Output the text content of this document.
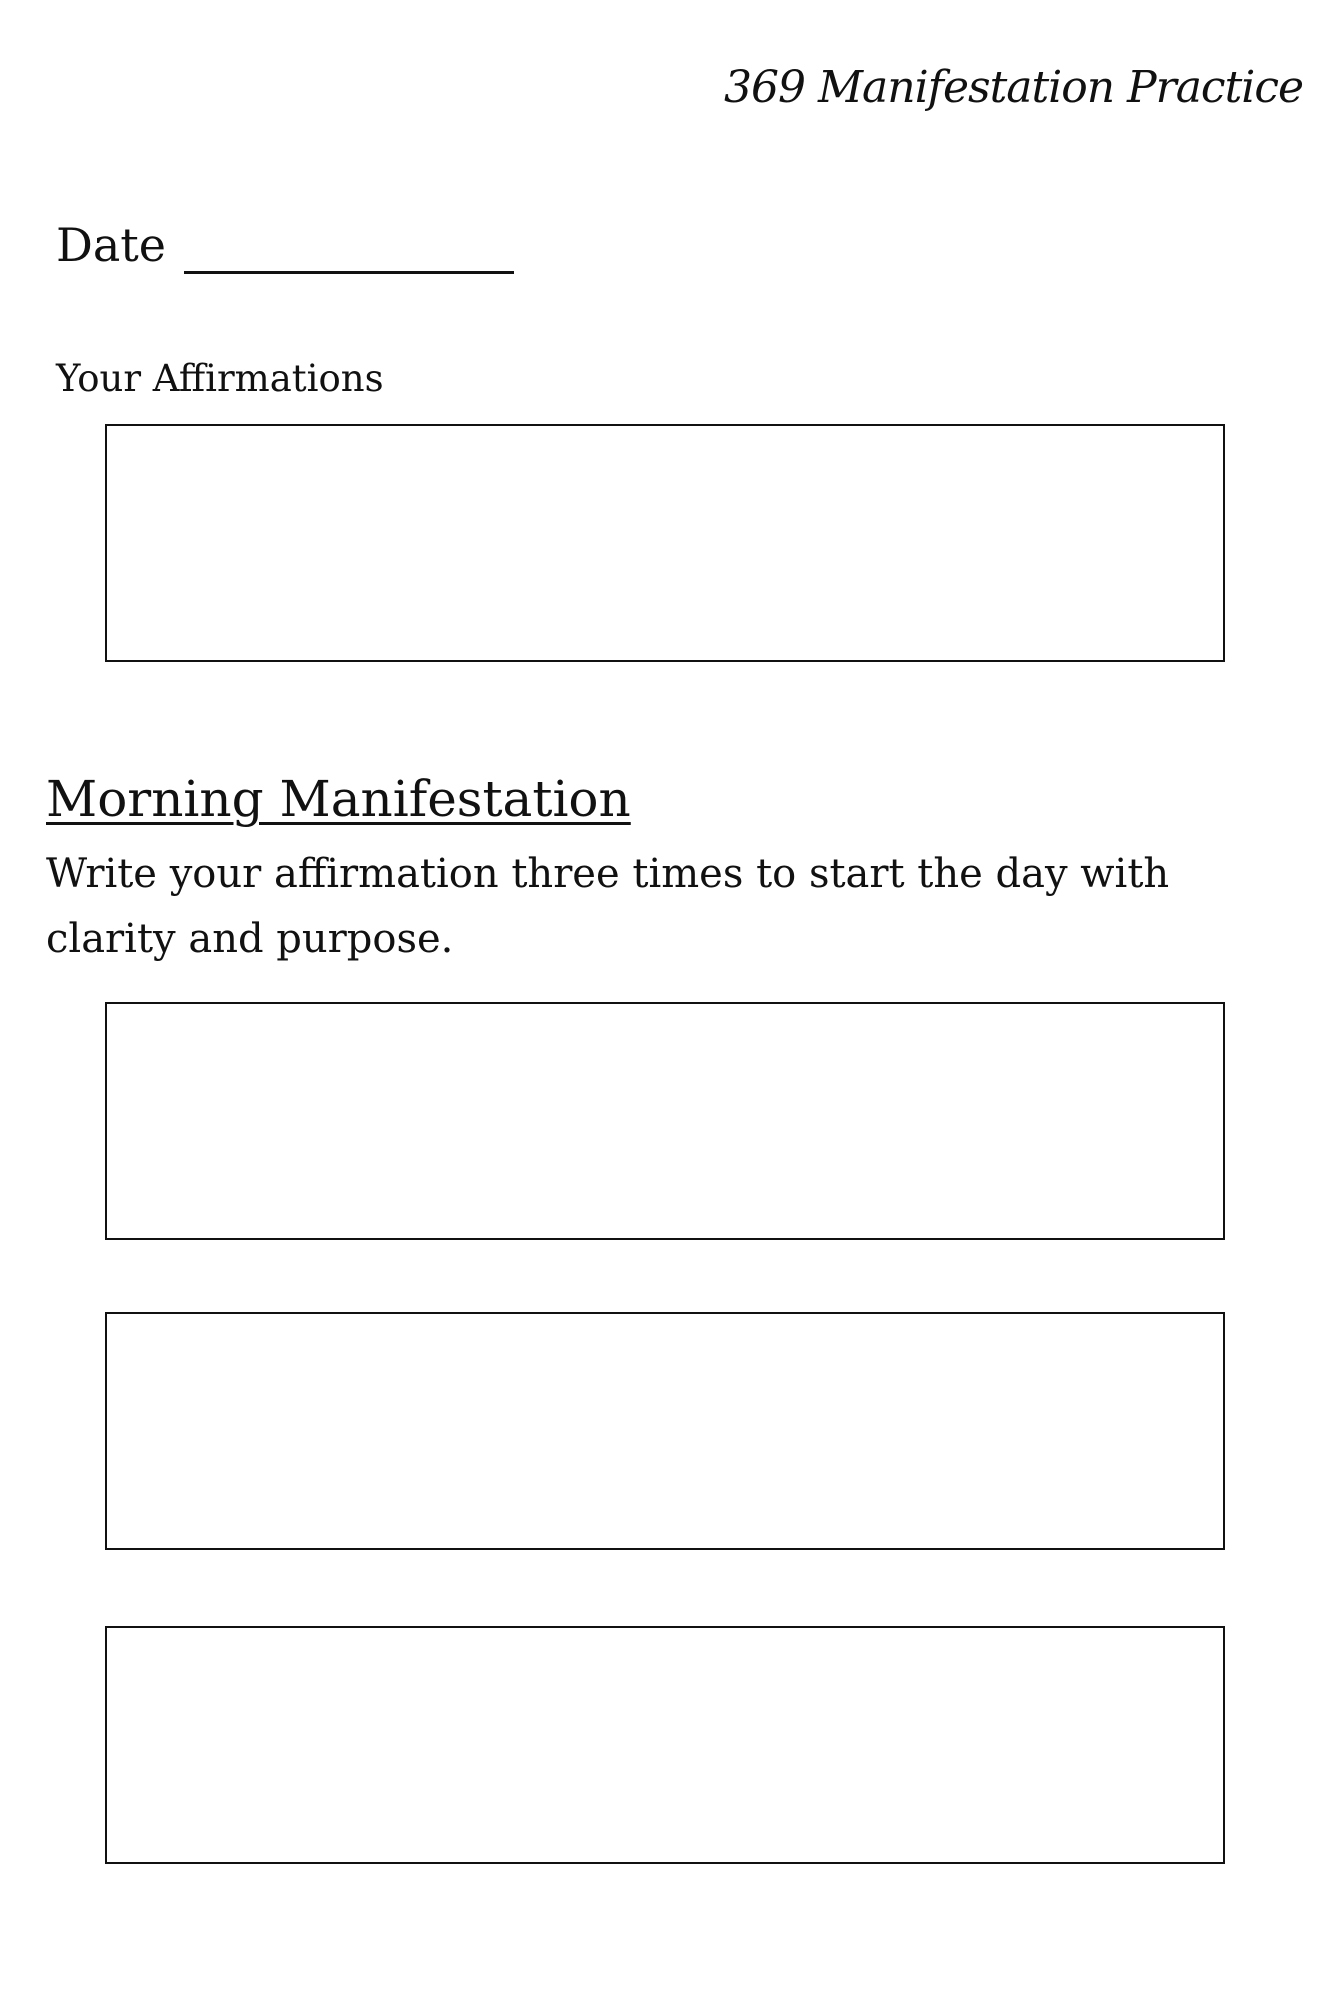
369 Manifestation Practice
Date
Your Affirmations
Morning Manifestation
Write your affirmation three times to start the day with clarity and purpose.
